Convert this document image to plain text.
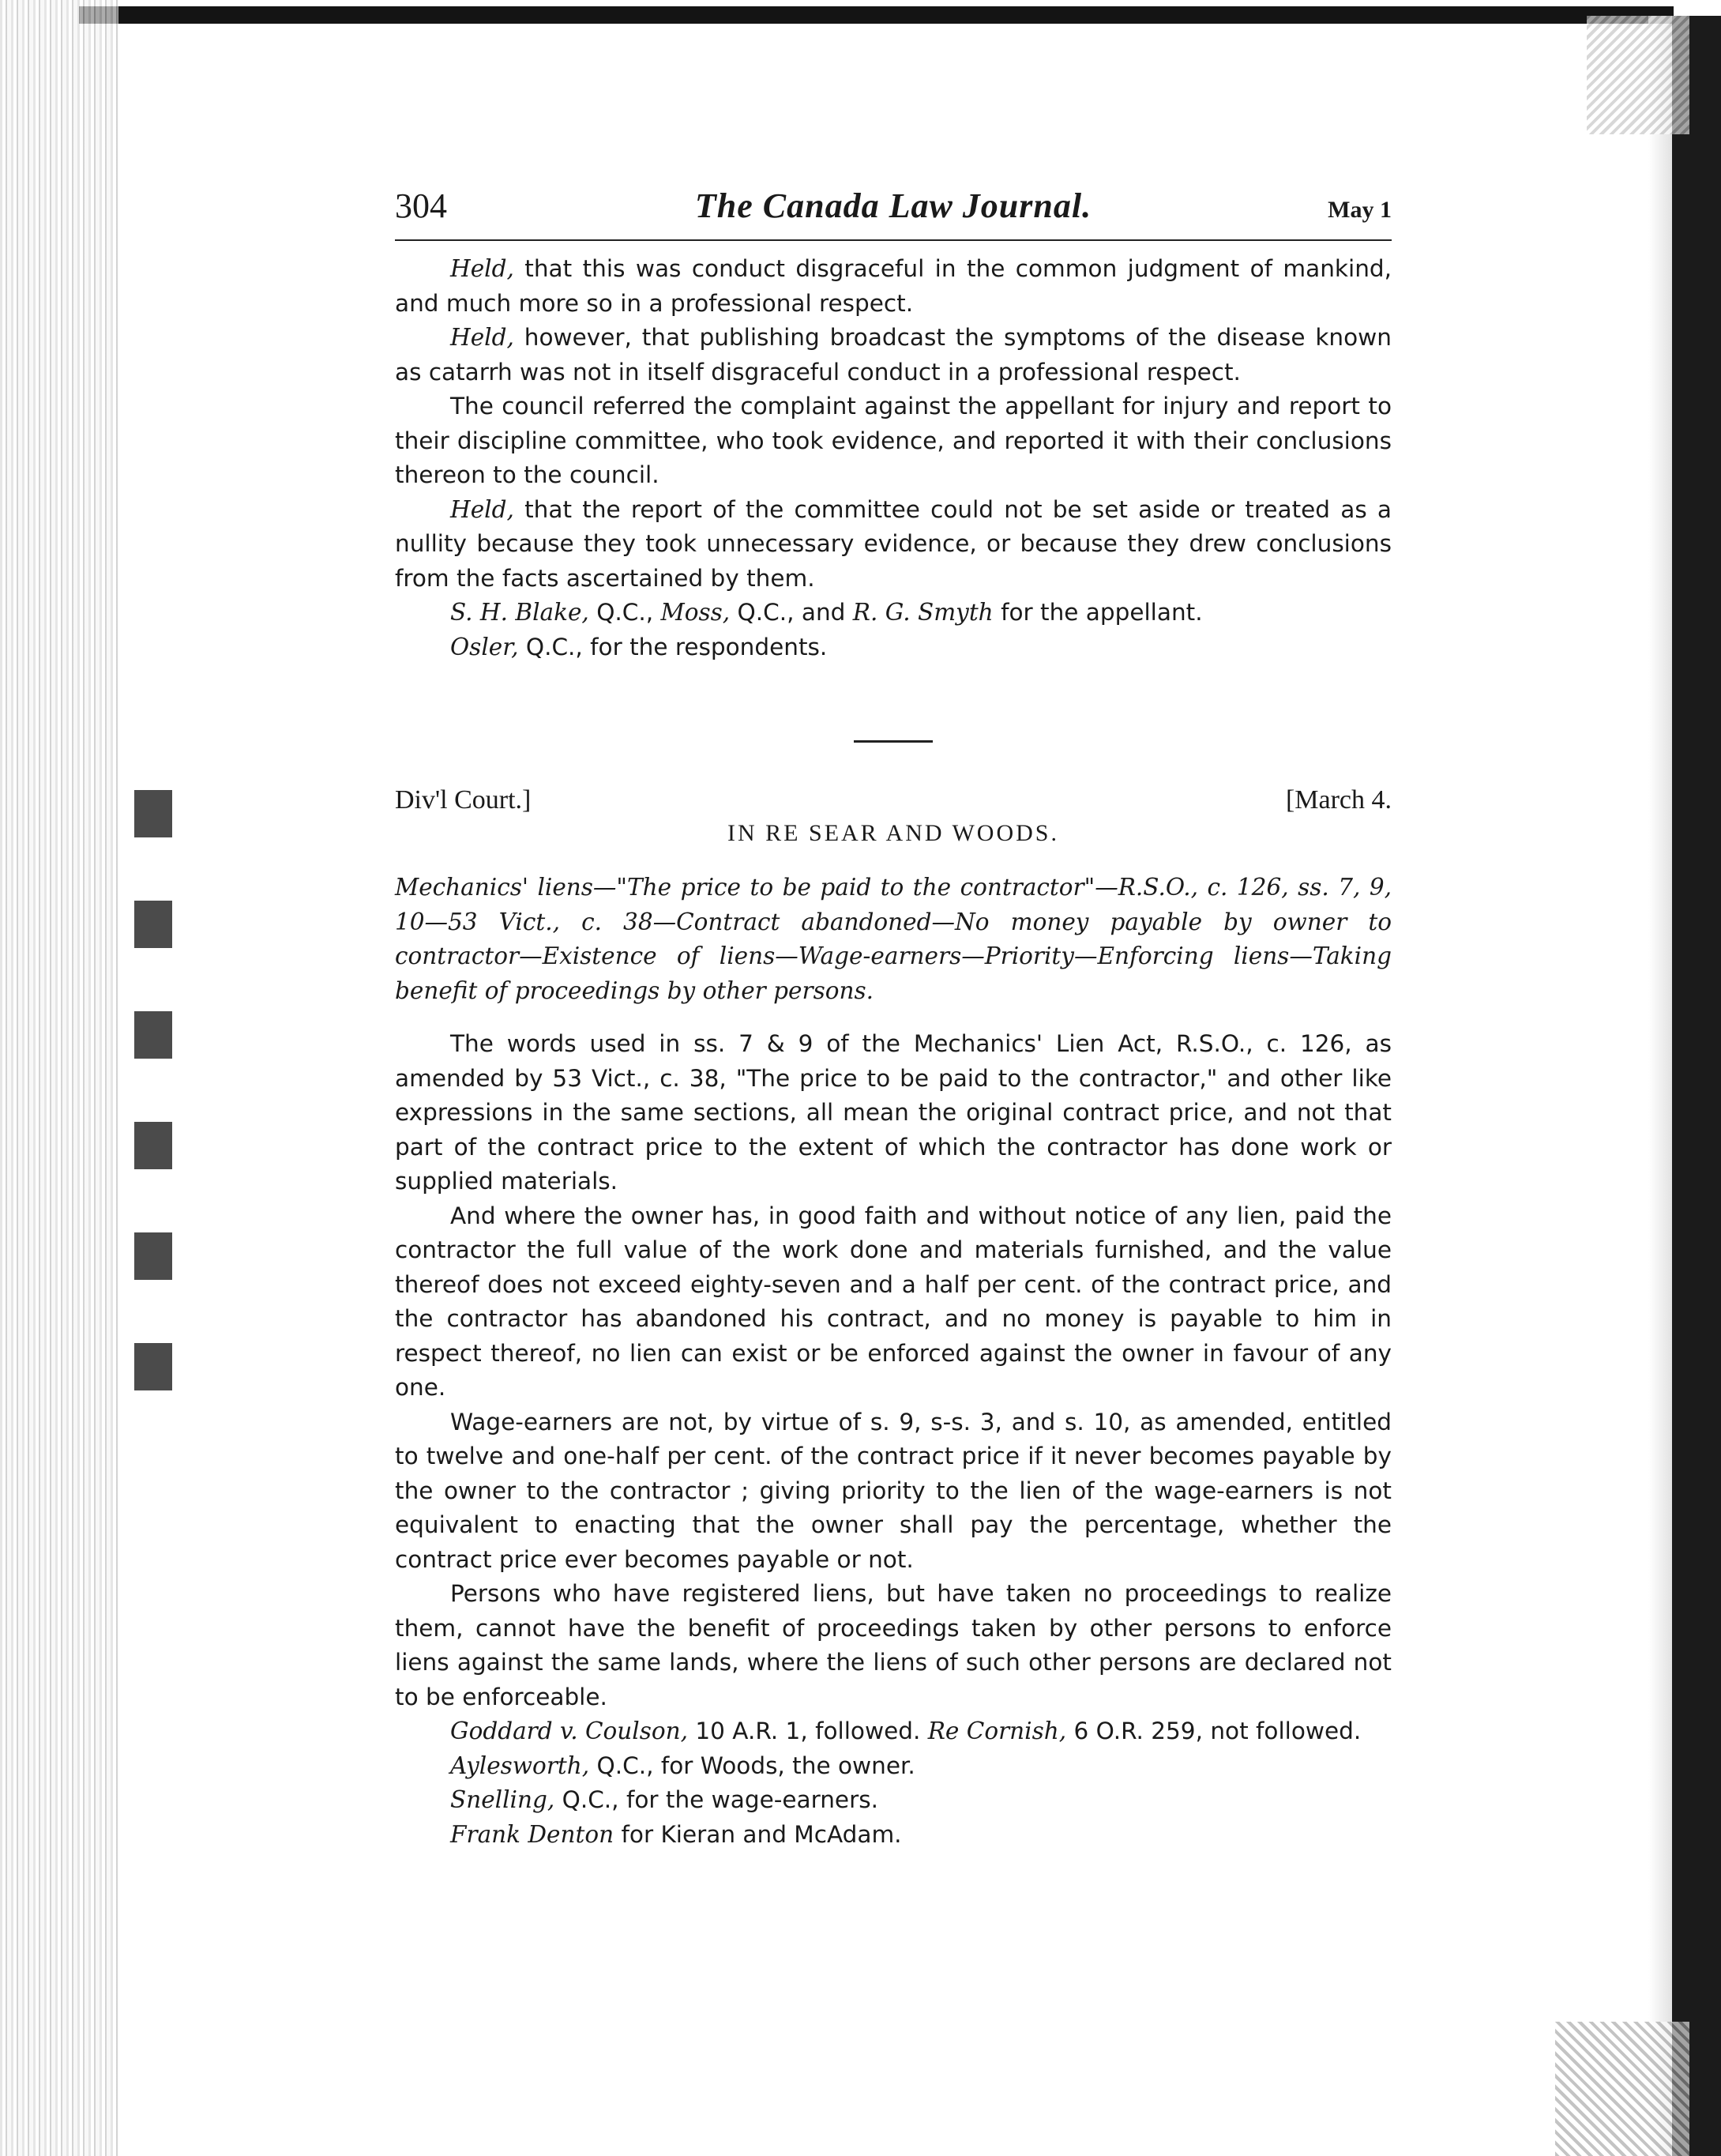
304	The Canada Law Journal.	May 1

Held, that this was conduct disgraceful in the common judgment of mankind, and much more so in a professional respect.

Held, however, that publishing broadcast the symptoms of the disease known as catarrh was not in itself disgraceful conduct in a professional respect.

The council referred the complaint against the appellant for injury and report to their discipline committee, who took evidence, and reported it with their conclusions thereon to the council.

Held, that the report of the committee could not be set aside or treated as a nullity because they took unnecessary evidence, or because they drew conclusions from the facts ascertained by them.

S. H. Blake, Q.C., Moss, Q.C., and R. G. Smyth for the appellant.

Osler, Q.C., for the respondents.

Div'l Court.]	[March 4.

IN RE SEAR AND WOODS.

Mechanics' liens—"The price to be paid to the contractor"—R.S.O., c. 126, ss. 7, 9, 10—53 Vict., c. 38—Contract abandoned—No money payable by owner to contractor—Existence of liens—Wage-earners—Priority—Enforcing liens—Taking benefit of proceedings by other persons.

The words used in ss. 7 & 9 of the Mechanics' Lien Act, R.S.O., c. 126, as amended by 53 Vict., c. 38, "The price to be paid to the contractor," and other like expressions in the same sections, all mean the original contract price, and not that part of the contract price to the extent of which the contractor has done work or supplied materials.

And where the owner has, in good faith and without notice of any lien, paid the contractor the full value of the work done and materials furnished, and the value thereof does not exceed eighty-seven and a half per cent. of the contract price, and the contractor has abandoned his contract, and no money is payable to him in respect thereof, no lien can exist or be enforced against the owner in favour of any one.

Wage-earners are not, by virtue of s. 9, s-s. 3, and s. 10, as amended, entitled to twelve and one-half per cent. of the contract price if it never becomes payable by the owner to the contractor ; giving priority to the lien of the wage-earners is not equivalent to enacting that the owner shall pay the percentage, whether the contract price ever becomes payable or not.

Persons who have registered liens, but have taken no proceedings to realize them, cannot have the benefit of proceedings taken by other persons to enforce liens against the same lands, where the liens of such other persons are declared not to be enforceable.

Goddard v. Coulson, 10 A.R. 1, followed. Re Cornish, 6 O.R. 259, not followed.

Aylesworth, Q.C., for Woods, the owner.

Snelling, Q.C., for the wage-earners.

Frank Denton for Kieran and McAdam.
